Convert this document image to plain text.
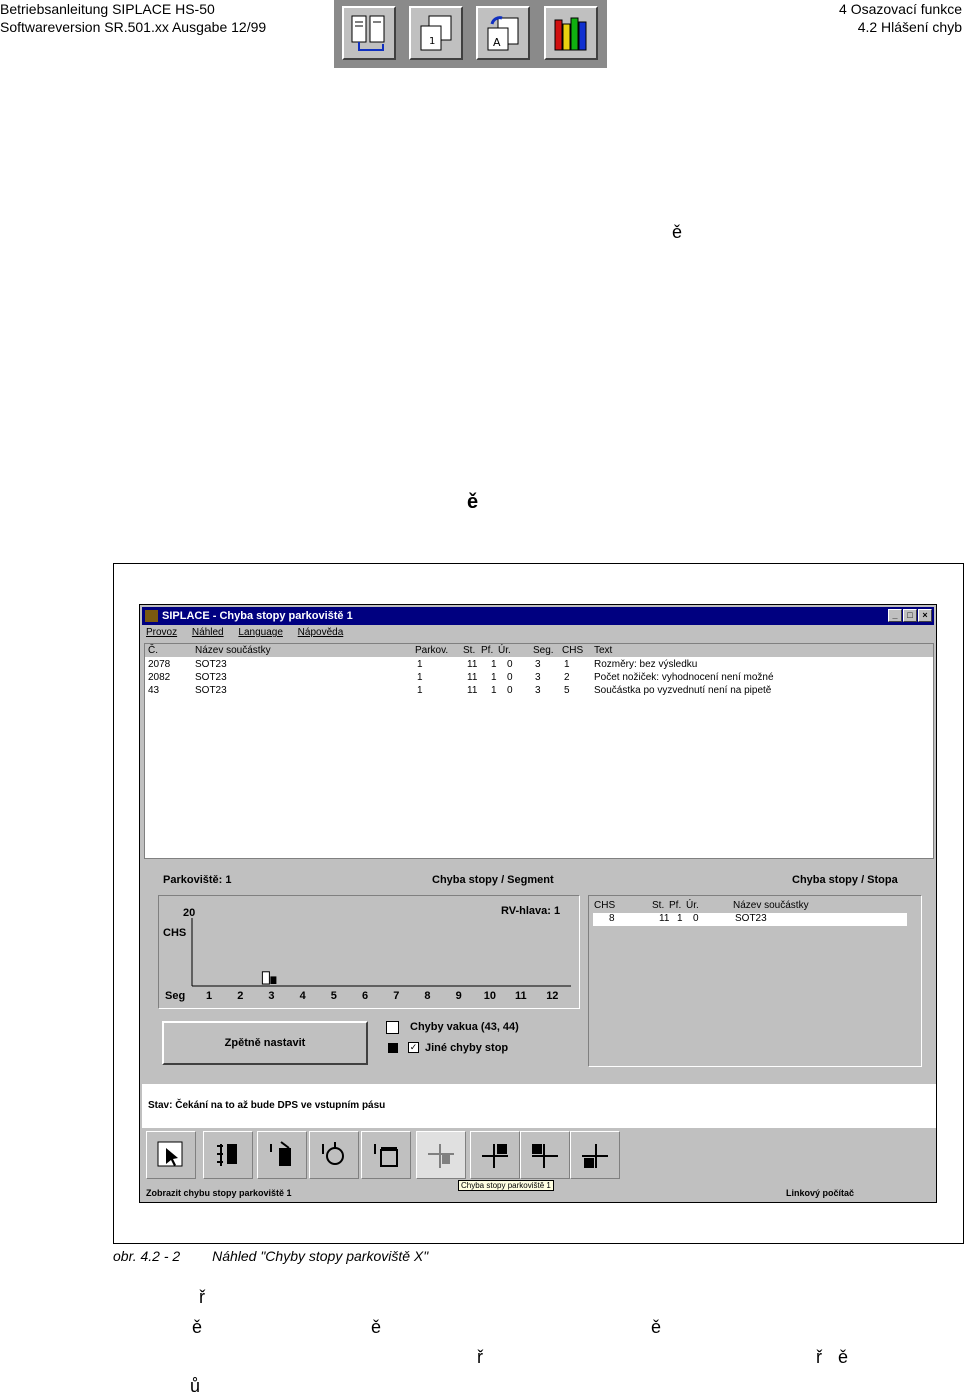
Betriebsanleitung SIPLACE HS-50
Softwareversion SR.501.xx Ausgabe 12/99
4 Osazovací funkce
4.2 Hlášení chyb
1	A
ě
ě
SIPLACE - Chyba stopy parkoviště 1	_ □ ×
Provoz Náhled Language Nápověda
Č.	Název součástky	Parkov. St. Pf. Úr. Seg. CHS Text
2078 SOT23	1	11 1 0 3 1 Rozměry: bez výsledku
2082 SOT23	1	11 1 0 3 2 Počet nožiček: vyhodnocení není možné
43	SOT23	1	11 1 0 3 5 Součástka po vyzvednutí není na pipetě
Parkoviště: 1	Chyba stopy / Segment	Chyba stopy / Stopa
20
CHS
RV-hlava: 1
Seg 1 2 3 4 5 6 7 8 9 10 11 12
Zpětně nastavit
Chyby vakua (43, 44)
✓ Jiné chyby stop
CHS	St. Pf. Úr.	Název součástky
8	11 1 0	SOT23
Stav: Čekání na to až bude DPS ve vstupním pásu
Chyba stopy parkoviště 1
Zobrazit chybu stopy parkoviště 1	Linkový počítač
obr. 4.2 - 2 Náhled "Chyby stopy parkoviště X"
ř
ě	ě	ě
ř	ř ě
ů
